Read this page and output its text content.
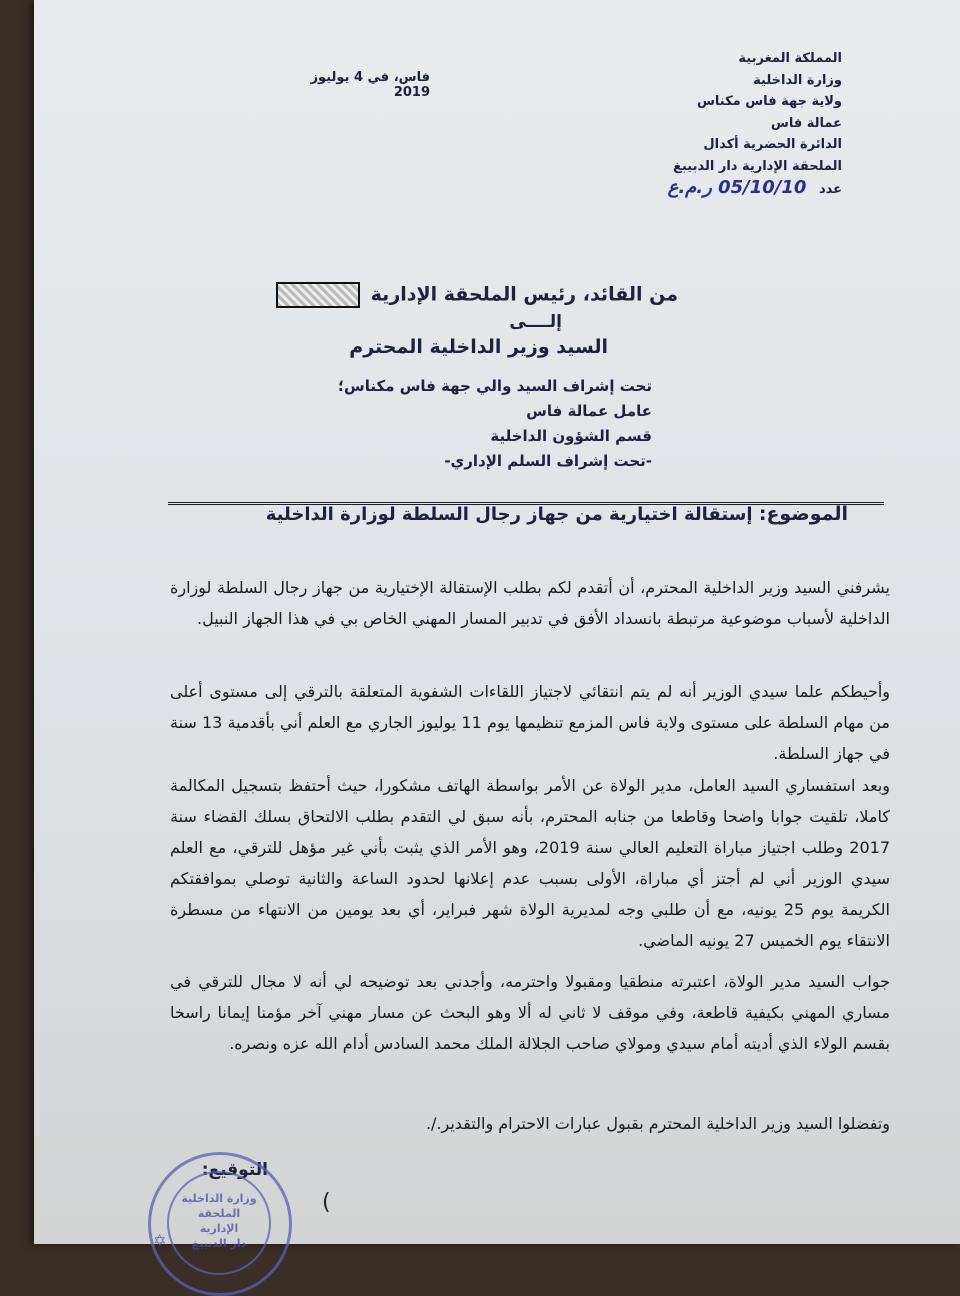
المملكة المغربية
وزارة الداخلية
ولاية جهة فاس مكناس
عمالة فاس
الدائرة الحضرية أكدال
الملحقة الإدارية دار الدبيبغ
عدد 05/10/10 ر.م.ع
فاس، في 4 يوليوز 2019
من القائد، رئيس الملحقة الإدارية
إلــــى
السيد وزير الداخلية المحترم
تحت إشراف السيد والي جهة فاس مكناس؛
عامل عمالة فاس
قسم الشؤون الداخلية
-تحت إشراف السلم الإداري-
الموضوع: إستقالة اختيارية من جهاز رجال السلطة لوزارة الداخلية

يشرفني السيد وزير الداخلية المحترم، أن أتقدم لكم بطلب الإستقالة الإختيارية من جهاز رجال السلطة لوزارة الداخلية لأسباب موضوعية مرتبطة بانسداد الأفق في تدبير المسار المهني الخاص بي في هذا الجهاز النبيل.

وأحيطكم علما سيدي الوزير أنه لم يتم انتقائي لاجتياز اللقاءات الشفوية المتعلقة بالترقي إلى مستوى أعلى من مهام السلطة على مستوى ولاية فاس المزمع تنظيمها يوم 11 يوليوز الجاري مع العلم أني بأقدمية 13 سنة في جهاز السلطة.

وبعد استفساري السيد العامل، مدير الولاة عن الأمر بواسطة الهاتف مشكورا، حيث أحتفظ بتسجيل المكالمة كاملا، تلقيت جوابا واضحا وقاطعا من جنابه المحترم، بأنه سبق لي التقدم بطلب الالتحاق بسلك القضاء سنة 2017 وطلب اجتياز مباراة التعليم العالي سنة 2019، وهو الأمر الذي يثبت بأني غير مؤهل للترقي، مع العلم سيدي الوزير أني لم أجتز أي مباراة، الأولى بسبب عدم إعلانها لحدود الساعة والثانية توصلي بموافقتكم الكريمة يوم 25 يونيه، مع أن طلبي وجه لمديرية الولاة شهر فبراير، أي بعد يومين من الانتهاء من مسطرة الانتقاء يوم الخميس 27 يونيه الماضي.

جواب السيد مدير الولاة، اعتبرته منطقيا ومقبولا واحترمه، وأجدني بعد توضيحه لي أنه لا مجال للترقي في مساري المهني بكيفية قاطعة، وفي موقف لا ثاني له ألا وهو البحث عن مسار مهني آخر مؤمنا إيمانا راسخا بقسم الولاء الذي أديته أمام سيدي ومولاي صاحب الجلالة الملك محمد السادس أدام الله عزه ونصره.

وتفضلوا السيد وزير الداخلية المحترم بقبول عبارات الاحترام والتقدير./.

التوقيع:
(
✡
وزارة الداخلية
الملحقة
الإدارية
دار الدبيبغ
